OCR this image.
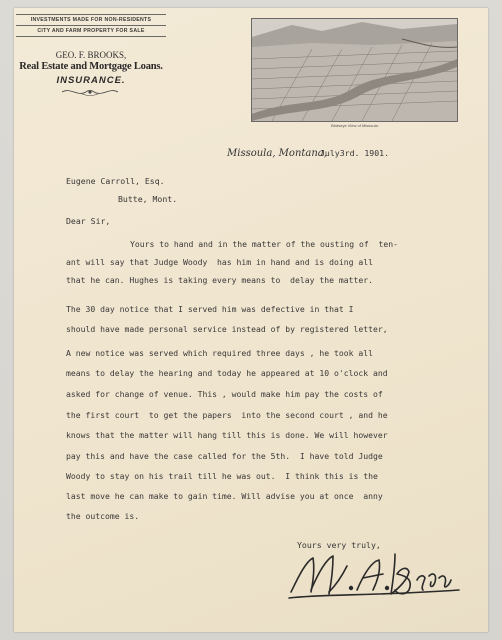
INVESTMENTS MADE FOR NON-RESIDENTS
CITY AND FARM PROPERTY FOR SALE
GEO. F. BROOKS,
Real Estate and Mortgage Loans.
INSURANCE.
Birdseye View of Missoula.
Missoula, Montana,
July3rd. 1901.
Eugene Carroll, Esq.
Butte, Mont.
Dear Sir,
Yours to hand and in the matter of the ousting of  ten-
ant will say that Judge Woody  has him in hand and is doing all
that he can. Hughes is taking every means to  delay the matter.
The 30 day notice that I served him was defective in that I
should have made personal service instead of by registered letter,
A new notice was served which required three days , he took all
means to delay the hearing and today he appeared at 10 o'clock and
asked for change of venue. This , would make him pay the costs of
the first court  to get the papers  into the second court , and he
knows that the matter will hang till this is done. We will however
pay this and have the case called for the 5th.  I have told Judge
Woody to stay on his trail till he was out.  I think this is the
last move he can make to gain time. Will advise you at once  anny
the outcome is.
Yours very truly,
